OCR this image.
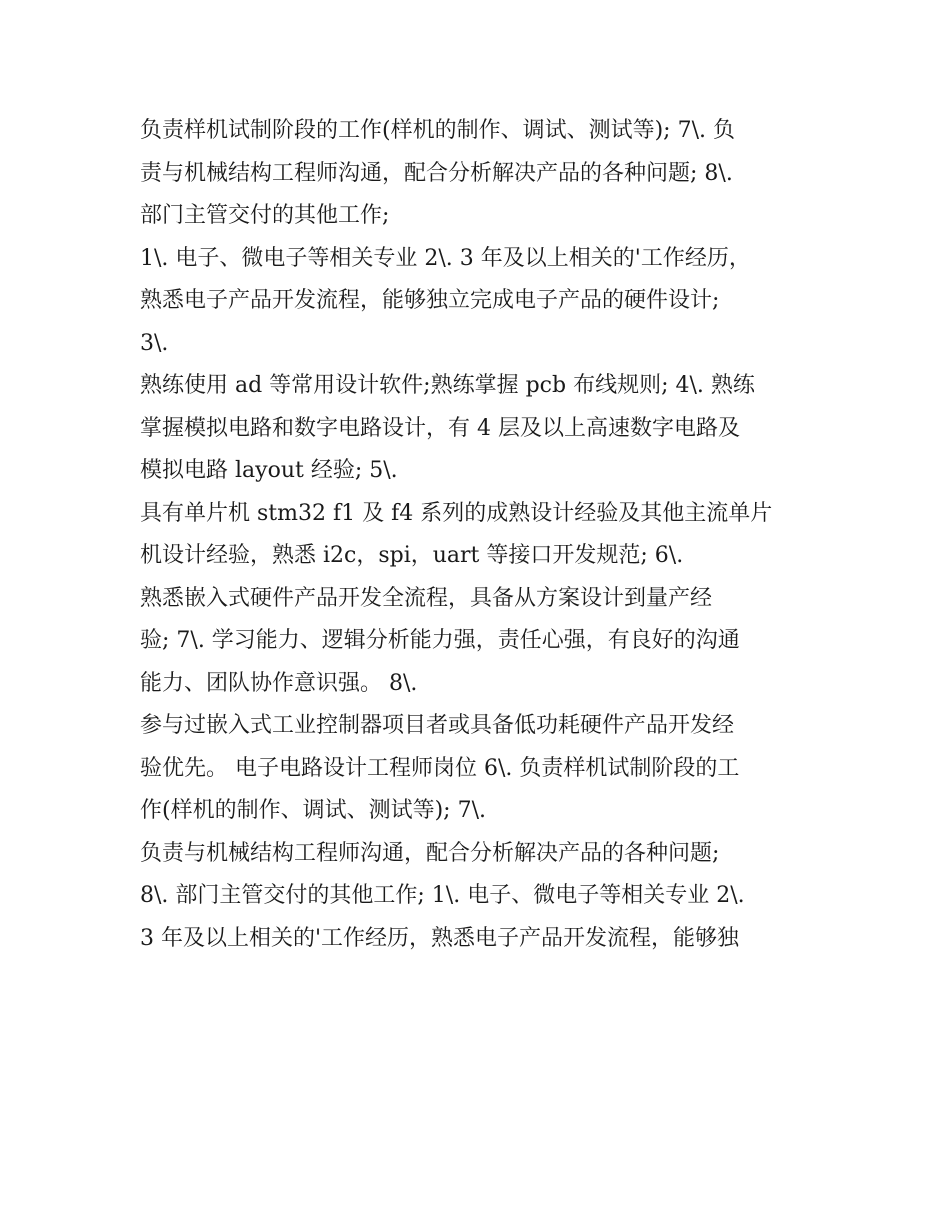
负责样机试制阶段的工作(样机的制作、调试、测试等); 7\. 负
责与机械结构工程师沟通，配合分析解决产品的各种问题; 8\.
部门主管交付的其他工作;
1\. 电子、微电子等相关专业 2\. 3 年及以上相关的'工作经历，
熟悉电子产品开发流程，能够独立完成电子产品的硬件设计;
3\.
熟练使用 ad 等常用设计软件;熟练掌握 pcb 布线规则; 4\. 熟练
掌握模拟电路和数字电路设计，有 4 层及以上高速数字电路及
模拟电路 layout 经验; 5\.
具有单片机 stm32 f1 及 f4 系列的成熟设计经验及其他主流单片
机设计经验，熟悉 i2c，spi，uart 等接口开发规范; 6\.
熟悉嵌入式硬件产品开发全流程，具备从方案设计到量产经
验; 7\. 学习能力、逻辑分析能力强，责任心强，有良好的沟通
能力、团队协作意识强。 8\.
参与过嵌入式工业控制器项目者或具备低功耗硬件产品开发经
验优先。 电子电路设计工程师岗位 6\. 负责样机试制阶段的工
作(样机的制作、调试、测试等); 7\.
负责与机械结构工程师沟通，配合分析解决产品的各种问题;
8\. 部门主管交付的其他工作; 1\. 电子、微电子等相关专业 2\.
3 年及以上相关的'工作经历，熟悉电子产品开发流程，能够独
